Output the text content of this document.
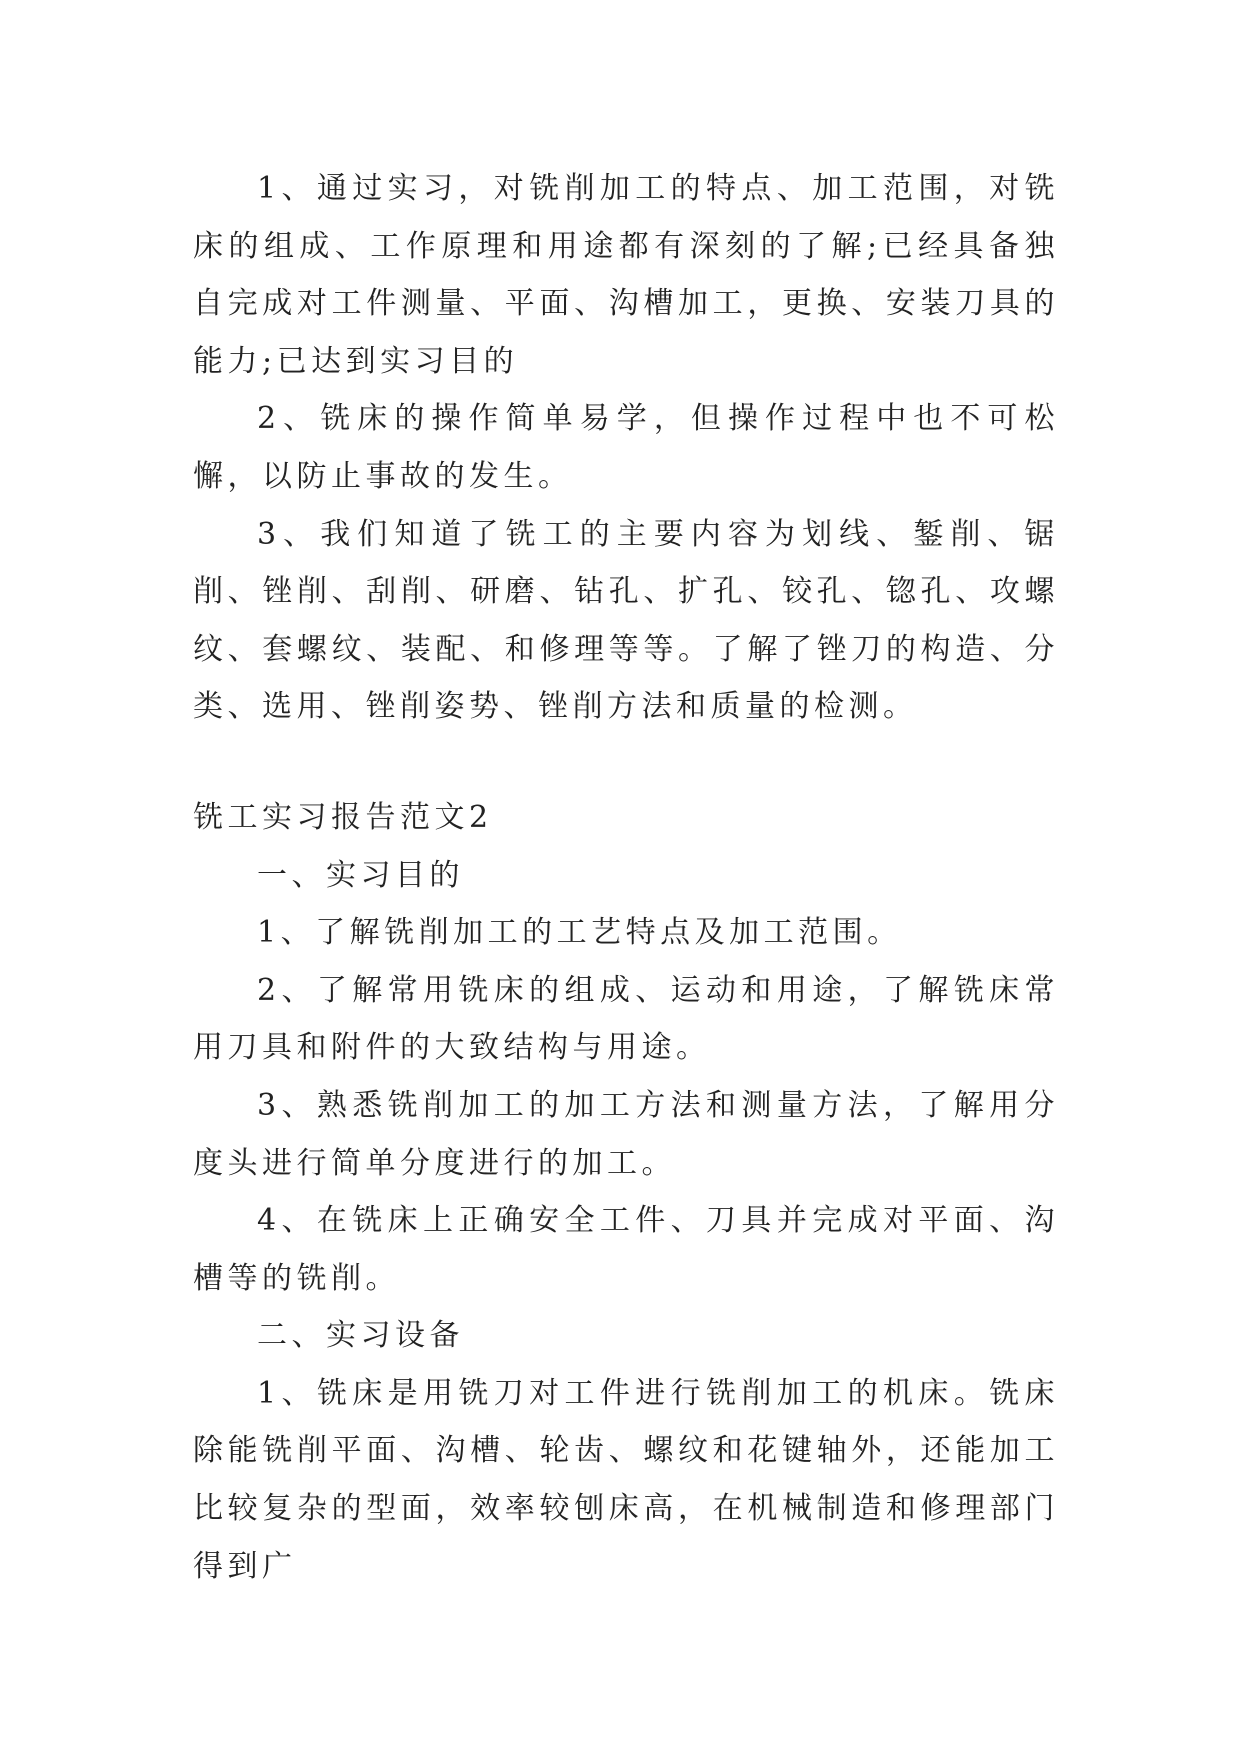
1、通过实习，对铣削加工的特点、加工范围，对铣床的组成、工作原理和用途都有深刻的了解;已经具备独自完成对工件测量、平面、沟槽加工，更换、安装刀具的能力;已达到实习目的

2、铣床的操作简单易学，但操作过程中也不可松懈，以防止事故的发生。

3、我们知道了铣工的主要内容为划线、錾削、锯削、锉削、刮削、研磨、钻孔、扩孔、铰孔、锪孔、攻螺纹、套螺纹、装配、和修理等等。了解了锉刀的构造、分类、选用、锉削姿势、锉削方法和质量的检测。

铣工实习报告范文2

一、实习目的

1、了解铣削加工的工艺特点及加工范围。

2、了解常用铣床的组成、运动和用途，了解铣床常用刀具和附件的大致结构与用途。

3、熟悉铣削加工的加工方法和测量方法，了解用分度头进行简单分度进行的加工。

4、在铣床上正确安全工件、刀具并完成对平面、沟槽等的铣削。

二、实习设备

1、铣床是用铣刀对工件进行铣削加工的机床。铣床除能铣削平面、沟槽、轮齿、螺纹和花键轴外，还能加工比较复杂的型面，效率较刨床高，在机械制造和修理部门得到广
